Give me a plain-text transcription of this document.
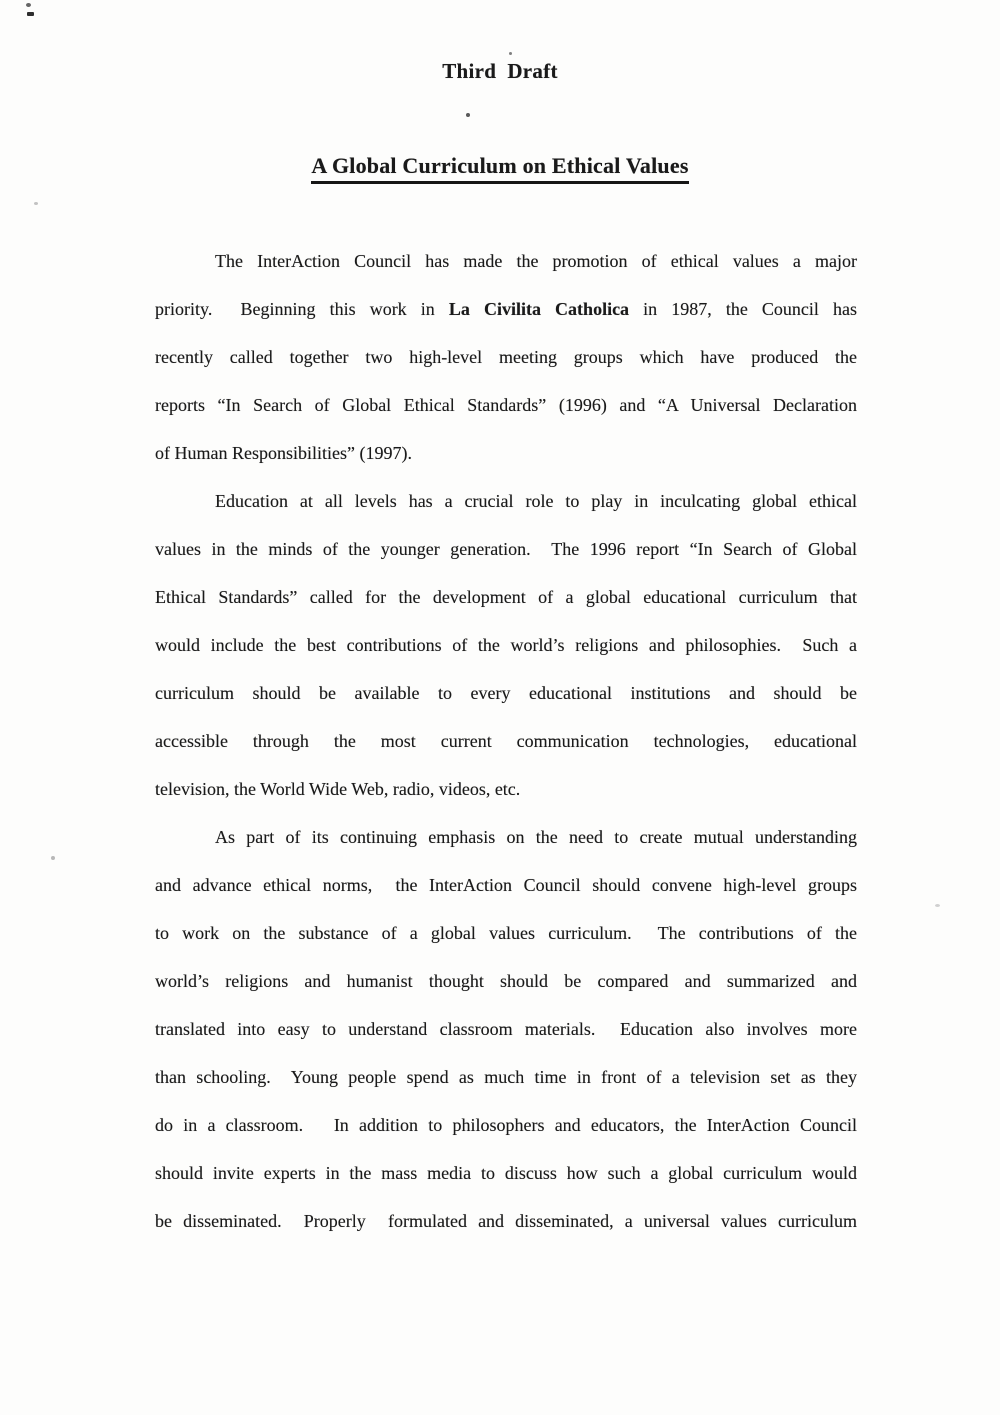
Third  Draft
A Global Curriculum on Ethical Values
The InterAction Council has made the promotion of ethical values a major
priority.  Beginning this work in La Civilita Catholica in 1987, the Council has
recently called together two high-level meeting groups which have produced the
reports “In Search of Global Ethical Standards” (1996) and “A Universal Declaration
of Human Responsibilities” (1997).
Education at all levels has a crucial role to play in inculcating global ethical
values in the minds of the younger generation.  The 1996 report “In Search of Global
Ethical Standards” called for the development of a global educational curriculum that
would include the best contributions of the world’s religions and philosophies.  Such a
curriculum should be available to every educational institutions and should be
accessible through the most current communication technologies, educational
television, the World Wide Web, radio, videos, etc.
As part of its continuing emphasis on the need to create mutual understanding
and advance ethical norms,  the InterAction Council should convene high-level groups
to work on the substance of a global values curriculum.  The contributions of the
world’s religions and humanist thought should be compared and summarized and
translated into easy to understand classroom materials.  Education also involves more
than schooling.  Young people spend as much time in front of a television set as they
do in a classroom.   In addition to philosophers and educators, the InterAction Council
should invite experts in the mass media to discuss how such a global curriculum would
be disseminated.  Properly  formulated and disseminated, a universal values curriculum
